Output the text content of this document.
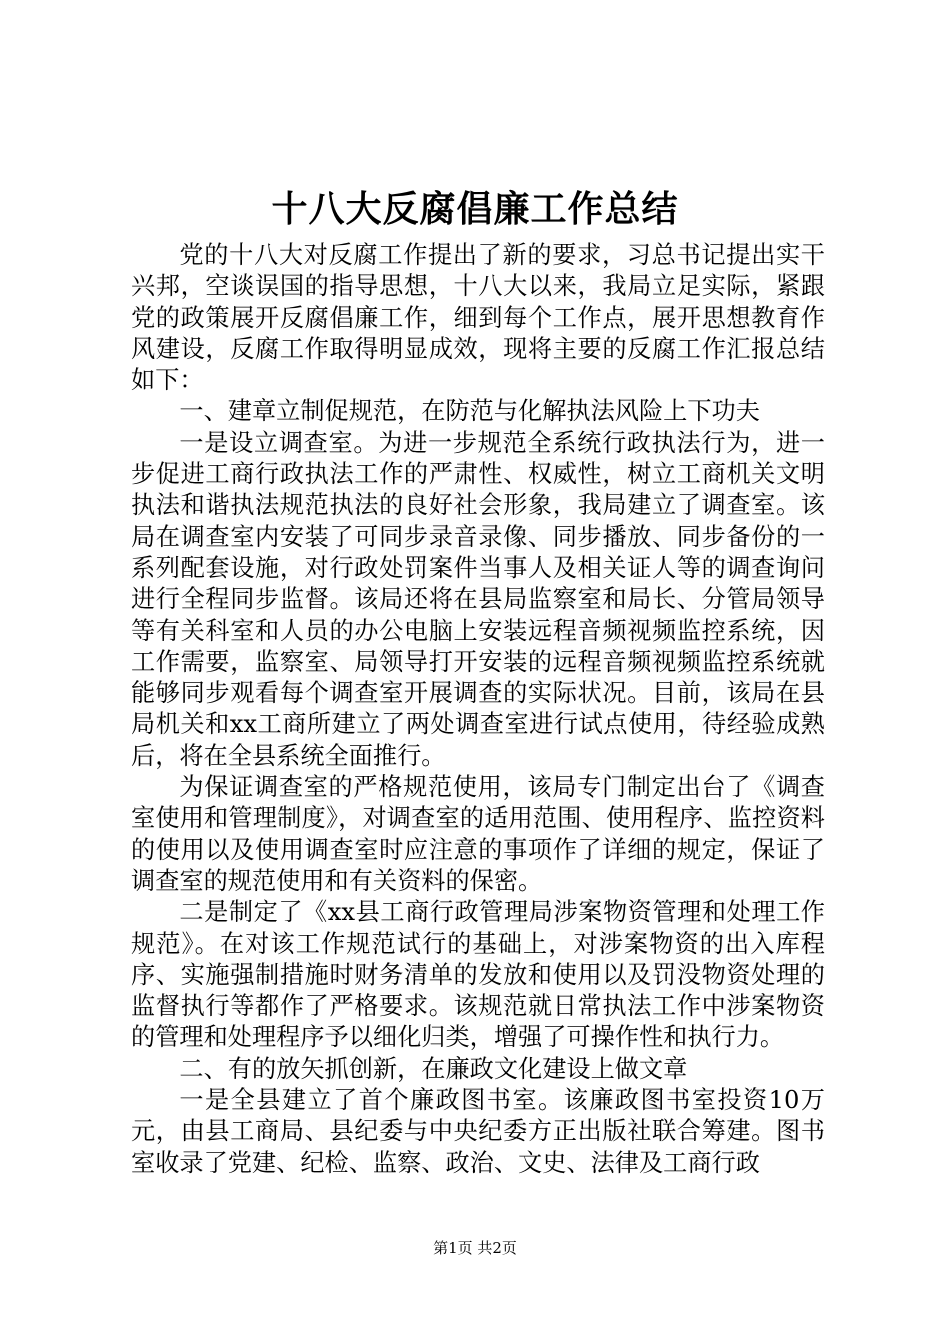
十八大反腐倡廉工作总结

党的十八大对反腐工作提出了新的要求，习总书记提出实干兴邦，空谈误国的指导思想，十八大以来，我局立足实际，紧跟党的政策展开反腐倡廉工作，细到每个工作点，展开思想教育作风建设，反腐工作取得明显成效，现将主要的反腐工作汇报总结如下：

一、建章立制促规范，在防范与化解执法风险上下功夫

一是设立调查室。为进一步规范全系统行政执法行为，进一步促进工商行政执法工作的严肃性、权威性，树立工商机关文明执法和谐执法规范执法的良好社会形象，我局建立了调查室。该局在调查室内安装了可同步录音录像、同步播放、同步备份的一系列配套设施，对行政处罚案件当事人及相关证人等的调查询问进行全程同步监督。该局还将在县局监察室和局长、分管局领导等有关科室和人员的办公电脑上安装远程音频视频监控系统，因工作需要，监察室、局领导打开安装的远程音频视频监控系统就能够同步观看每个调查室开展调查的实际状况。目前，该局在县局机关和xx工商所建立了两处调查室进行试点使用，待经验成熟后，将在全县系统全面推行。

为保证调查室的严格规范使用，该局专门制定出台了《调查室使用和管理制度》，对调查室的适用范围、使用程序、监控资料的使用以及使用调查室时应注意的事项作了详细的规定，保证了调查室的规范使用和有关资料的保密。

二是制定了《xx县工商行政管理局涉案物资管理和处理工作规范》。在对该工作规范试行的基础上，对涉案物资的出入库程序、实施强制措施时财务清单的发放和使用以及罚没物资处理的监督执行等都作了严格要求。该规范就日常执法工作中涉案物资的管理和处理程序予以细化归类，增强了可操作性和执行力。

二、有的放矢抓创新，在廉政文化建设上做文章

一是全县建立了首个廉政图书室。该廉政图书室投资10万元，由县工商局、县纪委与中央纪委方正出版社联合筹建。图书室收录了党建、纪检、监察、政治、文史、法律及工商行政

第1页 共2页
